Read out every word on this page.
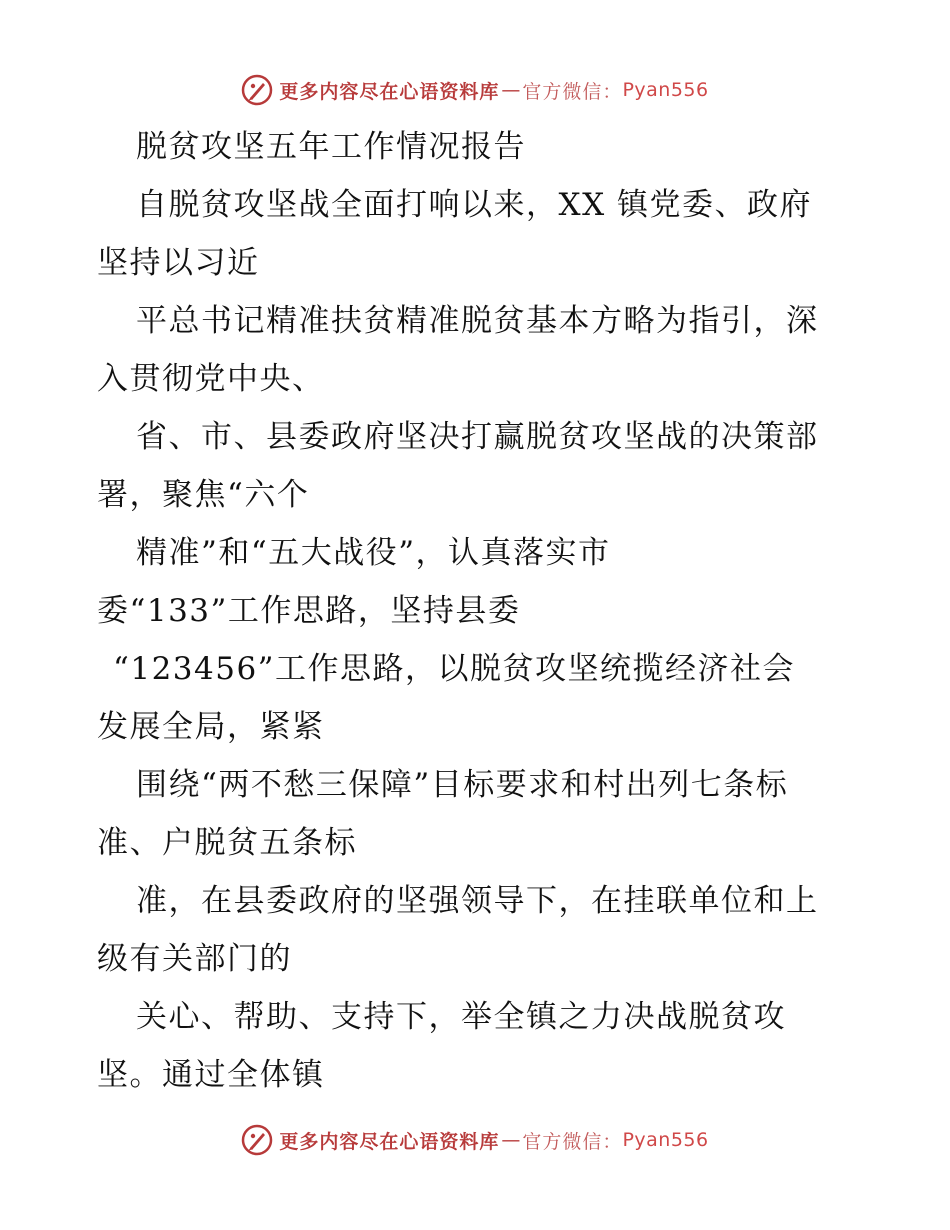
更多内容尽在心语资料库 — 官方微信： Pyan556
脱贫攻坚五年工作情况报告
自脱贫攻坚战全面打响以来，XX 镇党委、政府
坚持以习近
平总书记精准扶贫精准脱贫基本方略为指引，深
入贯彻党中央、
省、市、县委政府坚决打赢脱贫攻坚战的决策部
署，聚焦“六个
精准”和“五大战役”，认真落实市
委“133”工作思路，坚持县委
“123456”工作思路，以脱贫攻坚统揽经济社会
发展全局，紧紧
围绕“两不愁三保障”目标要求和村出列七条标
准、户脱贫五条标
准，在县委政府的坚强领导下，在挂联单位和上
级有关部门的
关心、帮助、支持下，举全镇之力决战脱贫攻
坚。通过全体镇
更多内容尽在心语资料库 — 官方微信： Pyan556
